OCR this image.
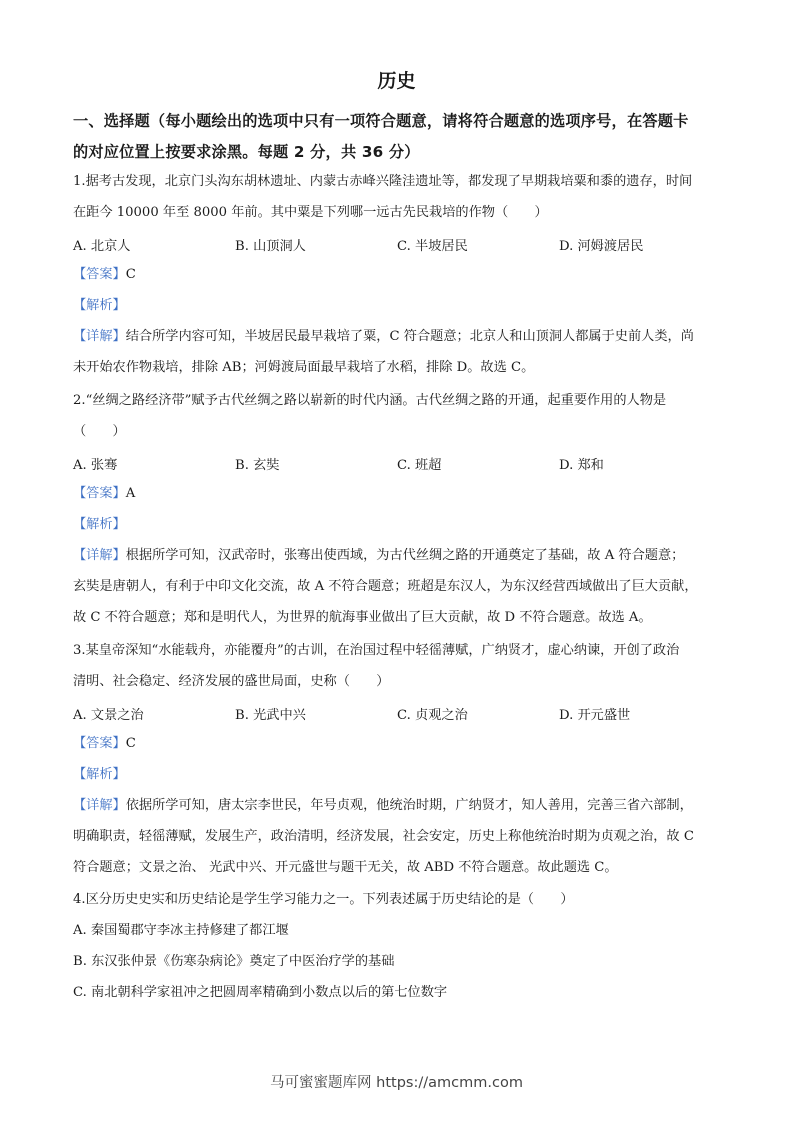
历史
一、选择题（每小题绘出的选项中只有一项符合题意，请将符合题意的选项序号，在答题卡
的对应位置上按要求涂黑。每题 2 分，共 36 分）
1.据考古发现，北京门头沟东胡林遗址、内蒙古赤峰兴隆洼遗址等，都发现了早期栽培粟和黍的遗存，时间
在距今 10000 年至 8000 年前。其中粟是下列哪一远古先民栽培的作物（　　）
A. 北京人	B. 山顶洞人	C. 半坡居民	D. 河姆渡居民
【答案】C
【解析】
【详解】结合所学内容可知，半坡居民最早栽培了粟，C 符合题意；北京人和山顶洞人都属于史前人类，尚
未开始农作物栽培，排除 AB；河姆渡局面最早栽培了水稻，排除 D。故选 C。
2.“丝绸之路经济带”赋予古代丝绸之路以崭新的时代内涵。古代丝绸之路的开通，起重要作用的人物是
（　　）
A. 张骞	B. 玄奘	C. 班超	D. 郑和
【答案】A
【解析】
【详解】根据所学可知，汉武帝时，张骞出使西域，为古代丝绸之路的开通奠定了基础，故 A 符合题意；
玄奘是唐朝人，有利于中印文化交流，故 A 不符合题意；班超是东汉人，为东汉经营西域做出了巨大贡献，
故 C 不符合题意；郑和是明代人，为世界的航海事业做出了巨大贡献，故 D 不符合题意。故选 A。
3.某皇帝深知“水能载舟，亦能覆舟”的古训，在治国过程中轻徭薄赋，广纳贤才，虚心纳谏，开创了政治
清明、社会稳定、经济发展的盛世局面，史称（　　）
A. 文景之治	B. 光武中兴	C. 贞观之治	D. 开元盛世
【答案】C
【解析】
【详解】依据所学可知，唐太宗李世民，年号贞观，他统治时期，广纳贤才，知人善用，完善三省六部制，
明确职责，轻徭薄赋，发展生产，政治清明，经济发展，社会安定，历史上称他统治时期为贞观之治，故 C
符合题意；文景之治、 光武中兴、开元盛世与题干无关，故 ABD 不符合题意。故此题选 C。
4.区分历史史实和历史结论是学生学习能力之一。下列表述属于历史结论的是（　　）
A. 秦国蜀郡守李冰主持修建了都江堰
B. 东汉张仲景《伤寒杂病论》奠定了中医治疗学的基础
C. 南北朝科学家祖冲之把圆周率精确到小数点以后的第七位数字
马可蜜蜜题库网 https://amcmm.com
